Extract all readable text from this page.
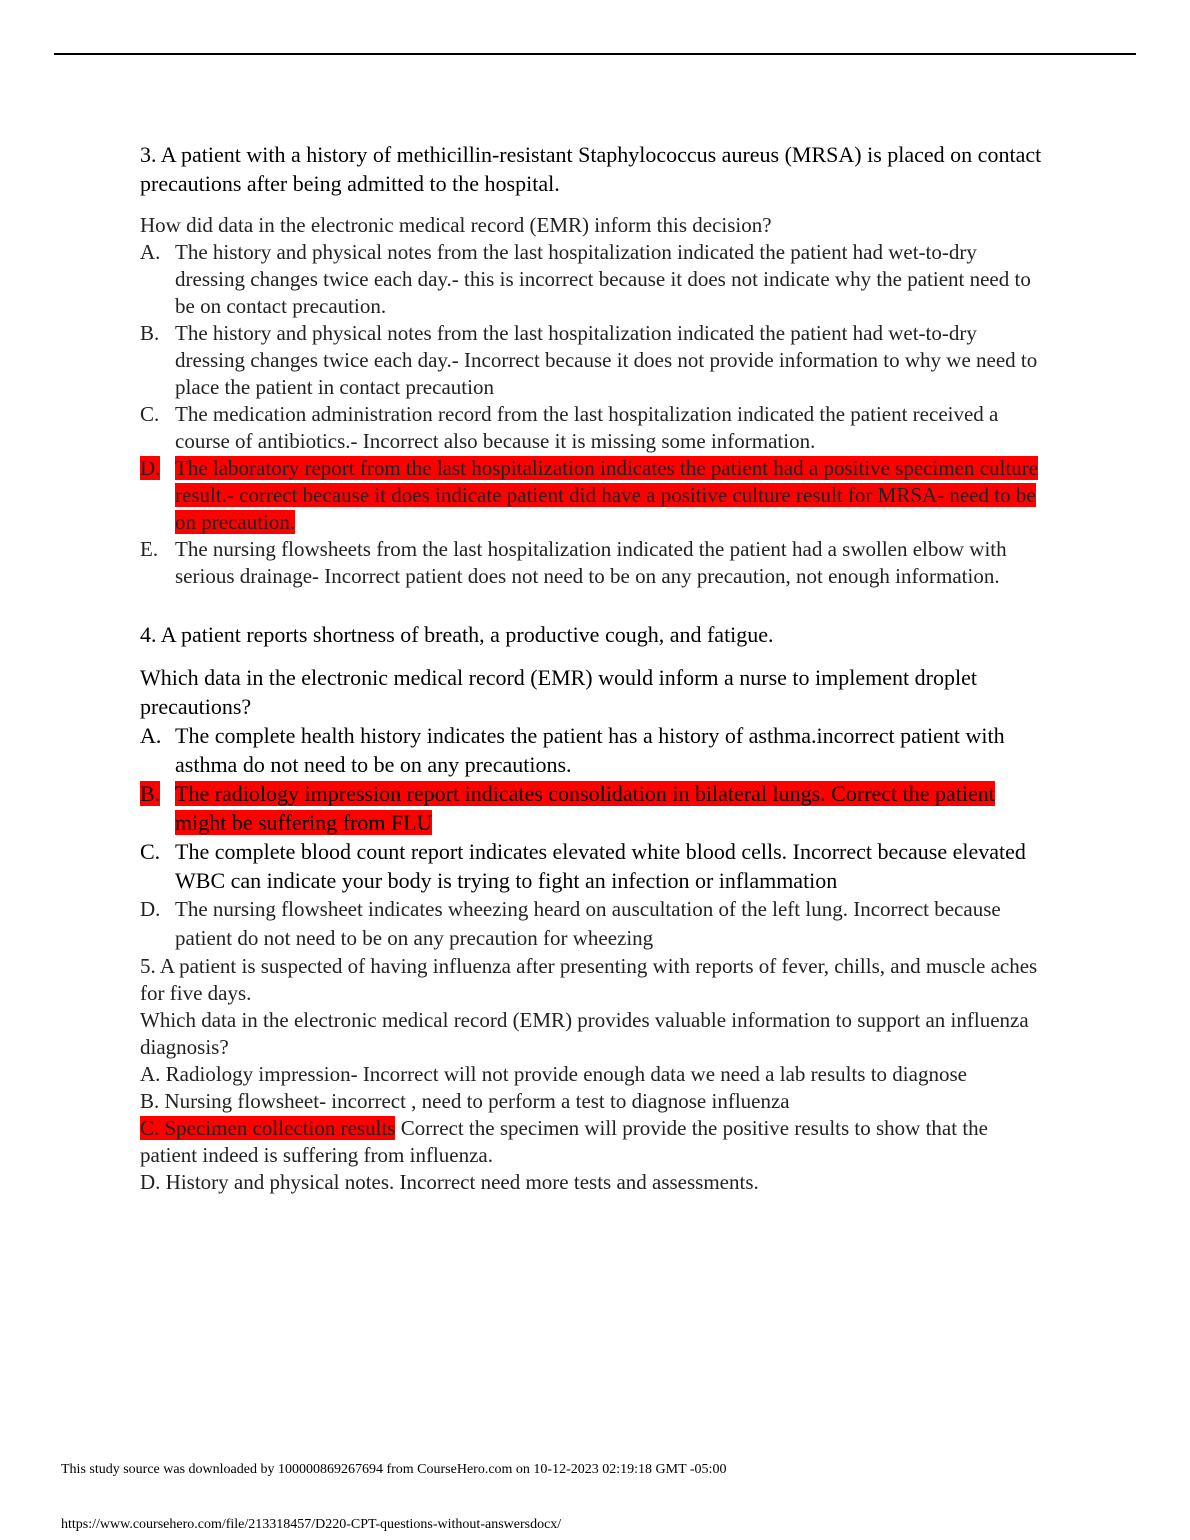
3. A patient with a history of methicillin-resistant Staphylococcus aureus (MRSA) is placed on contact precautions after being admitted to the hospital.

How did data in the electronic medical record (EMR) inform this decision?

A. The history and physical notes from the last hospitalization indicated the patient had wet-to-dry dressing changes twice each day.- this is incorrect because it does not indicate why the patient need to be on contact precaution.
B. The history and physical notes from the last hospitalization indicated the patient had wet-to-dry dressing changes twice each day.- Incorrect because it does not provide information to why we need to place the patient in contact precaution
C. The medication administration record from the last hospitalization indicated the patient received a course of antibiotics.- Incorrect also because it is missing some information.
D. The laboratory report from the last hospitalization indicates the patient had a positive specimen culture result.- correct because it does indicate patient did have a positive culture result for MRSA- need to be on precaution.
E. The nursing flowsheets from the last hospitalization indicated the patient had a swollen elbow with serious drainage- Incorrect patient does not need to be on any precaution, not enough information.

4. A patient reports shortness of breath, a productive cough, and fatigue.

Which data in the electronic medical record (EMR) would inform a nurse to implement droplet precautions?

A. The complete health history indicates the patient has a history of asthma.incorrect patient with asthma do not need to be on any precautions.
B. The radiology impression report indicates consolidation in bilateral lungs. Correct the patient might be suffering from FLU
C. The complete blood count report indicates elevated white blood cells. Incorrect because elevated WBC can indicate your body is trying to fight an infection or inflammation
D. The nursing flowsheet indicates wheezing heard on auscultation of the left lung. Incorrect because patient do not need to be on any precaution for wheezing

5. A patient is suspected of having influenza after presenting with reports of fever, chills, and muscle aches for five days.

Which data in the electronic medical record (EMR) provides valuable information to support an influenza diagnosis?

A. Radiology impression- Incorrect will not provide enough data we need a lab results to diagnose

B. Nursing flowsheet- incorrect , need to perform a test to diagnose influenza

C. Specimen collection results Correct the specimen will provide the positive results to show that the patient indeed is suffering from influenza.

D. History and physical notes. Incorrect need more tests and assessments.

This study source was downloaded by 100000869267694 from CourseHero.com on 10-12-2023 02:19:18 GMT -05:00
https://www.coursehero.com/file/213318457/D220-CPT-questions-without-answersdocx/
